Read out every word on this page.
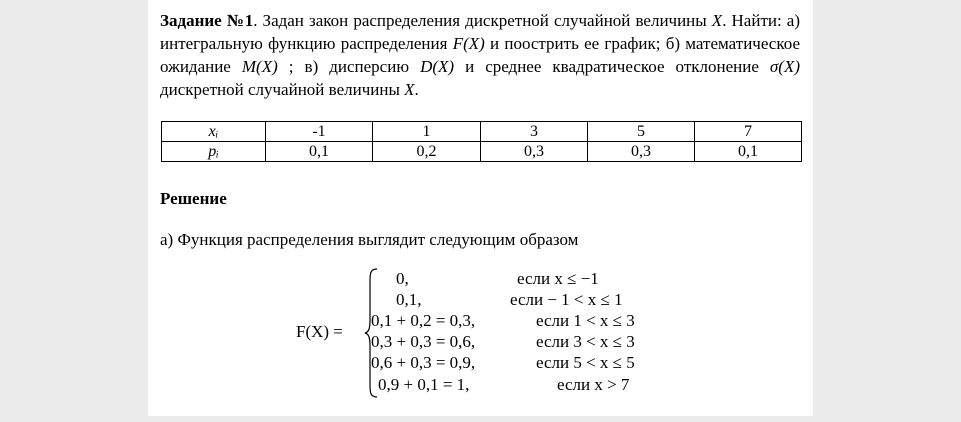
Задание №1. Задан закон распределения дискретной случайной величины X. Найти: а) интегральную функцию распределения F(X) и поострить ее график; б) математическое ожидание M(X) ; в) дисперсию D(X) и среднее квадратическое отклонение σ(X) дискретной случайной величины X.
xᵢ	-1	1	3	5	7
pᵢ	0,1	0,2	0,3	0,3	0,1
Решение
а) Функция распределения выглядит следующим образом
F(X) =
0,	если x ≤ −1
0,1,	если − 1 < x ≤ 1
0,1 + 0,2 = 0,3,	если 1 < x ≤ 3
0,3 + 0,3 = 0,6,	если 3 < x ≤ 3
0,6 + 0,3 = 0,9,	если 5 < x ≤ 5
0,9 + 0,1 = 1,	если x > 7
